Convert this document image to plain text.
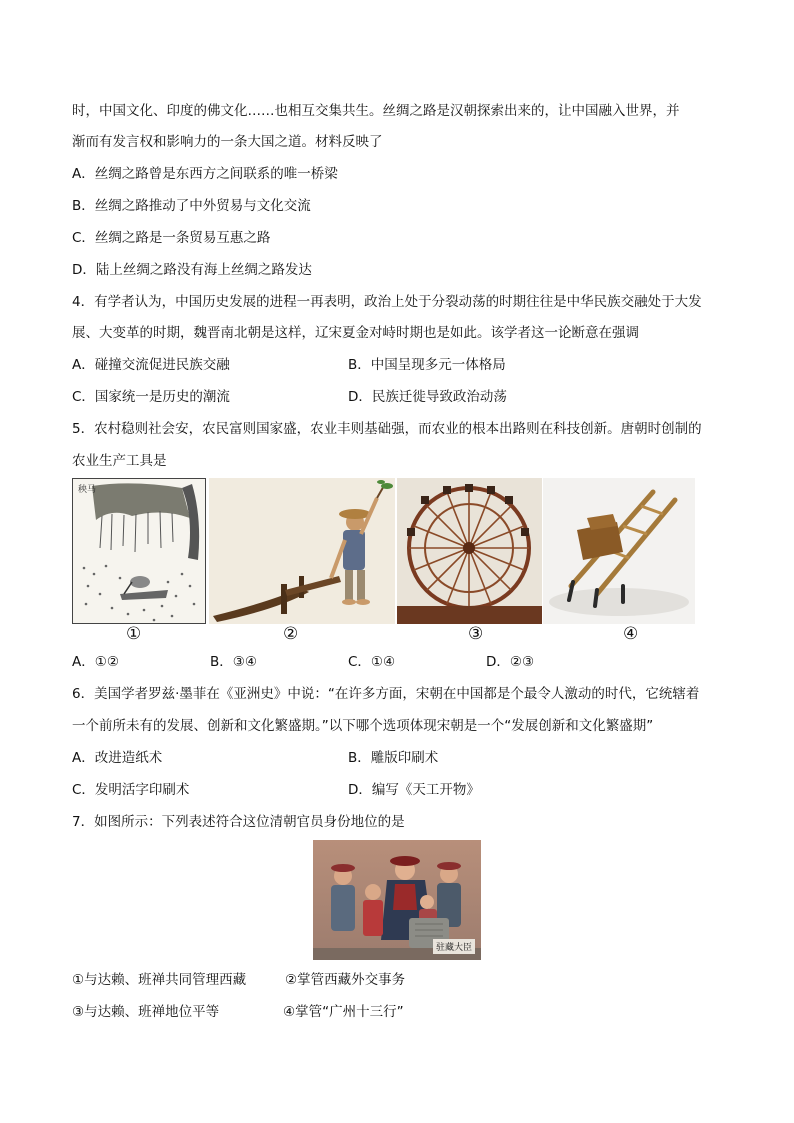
时，中国文化、印度的佛文化……也相互交集共生。丝绸之路是汉朝探索出来的，让中国融入世界，并
渐而有发言权和影响力的一条大国之道。材料反映了
A．丝绸之路曾是东西方之间联系的唯一桥梁
B．丝绸之路推动了中外贸易与文化交流
C．丝绸之路是一条贸易互惠之路
D．陆上丝绸之路没有海上丝绸之路发达
4．有学者认为，中国历史发展的进程一再表明，政治上处于分裂动荡的时期往往是中华民族交融处于大发
展、大变革的时期，魏晋南北朝是这样，辽宋夏金对峙时期也是如此。该学者这一论断意在强调
A．碰撞交流促进民族交融	B．中国呈现多元一体格局
C．国家统一是历史的潮流	D．民族迁徙导致政治动荡
5．农村稳则社会安，农民富则国家盛，农业丰则基础强，而农业的根本出路则在科技创新。唐朝时创制的
农业生产工具是
秧马
①	②	③	④
A．①②	B．③④	C．①④	D．②③
6．美国学者罗兹·墨菲在《亚洲史》中说：“在许多方面，宋朝在中国都是个最令人激动的时代，它统辖着
一个前所未有的发展、创新和文化繁盛期。”以下哪个选项体现宋朝是一个“发展创新和文化繁盛期”
A．改进造纸术	B．雕版印刷术
C．发明活字印刷术	D．编写《天工开物》
7．如图所示：下列表述符合这位清朝官员身份地位的是
驻藏大臣
①与达赖、班禅共同管理西藏	②掌管西藏外交事务
③与达赖、班禅地位平等	④掌管“广州十三行”
